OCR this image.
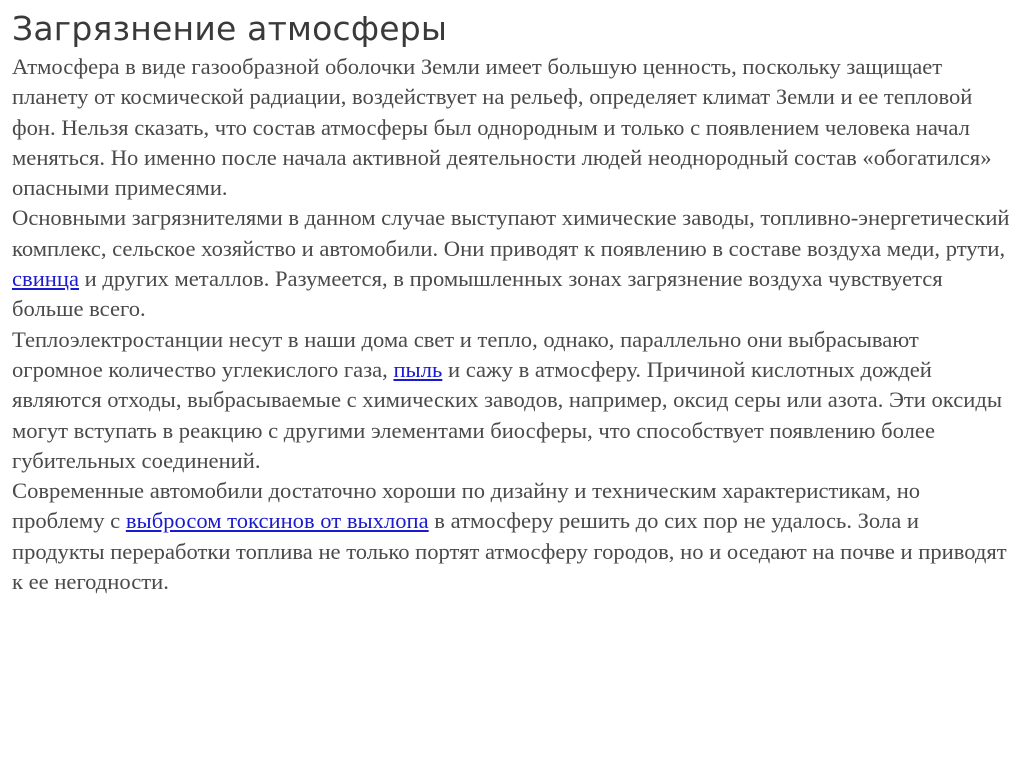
Загрязнение атмосферы

Атмосфера в виде газообразной оболочки Земли имеет большую ценность, поскольку защищает планету от космической радиации, воздействует на рельеф, определяет климат Земли и ее тепловой фон. Нельзя сказать, что состав атмосферы был однородным и только с появлением человека начал меняться. Но именно после начала активной деятельности людей неоднородный состав «обогатился» опасными примесями.

Основными загрязнителями в данном случае выступают химические заводы, топливно-энергетический комплекс, сельское хозяйство и автомобили. Они приводят к появлению в составе воздуха меди, ртути, свинца и других металлов. Разумеется, в промышленных зонах загрязнение воздуха чувствуется больше всего.

Теплоэлектростанции несут в наши дома свет и тепло, однако, параллельно они выбрасывают огромное количество углекислого газа, пыль и сажу в атмосферу. Причиной кислотных дождей являются отходы, выбрасываемые с химических заводов, например, оксид серы или азота. Эти оксиды могут вступать в реакцию с другими элементами биосферы, что способствует появлению более губительных соединений.

Современные автомобили достаточно хороши по дизайну и техническим характеристикам, но проблему с выбросом токсинов от выхлопа в атмосферу решить до сих пор не удалось. Зола и продукты переработки топлива не только портят атмосферу городов, но и оседают на почве и приводят к ее негодности.
